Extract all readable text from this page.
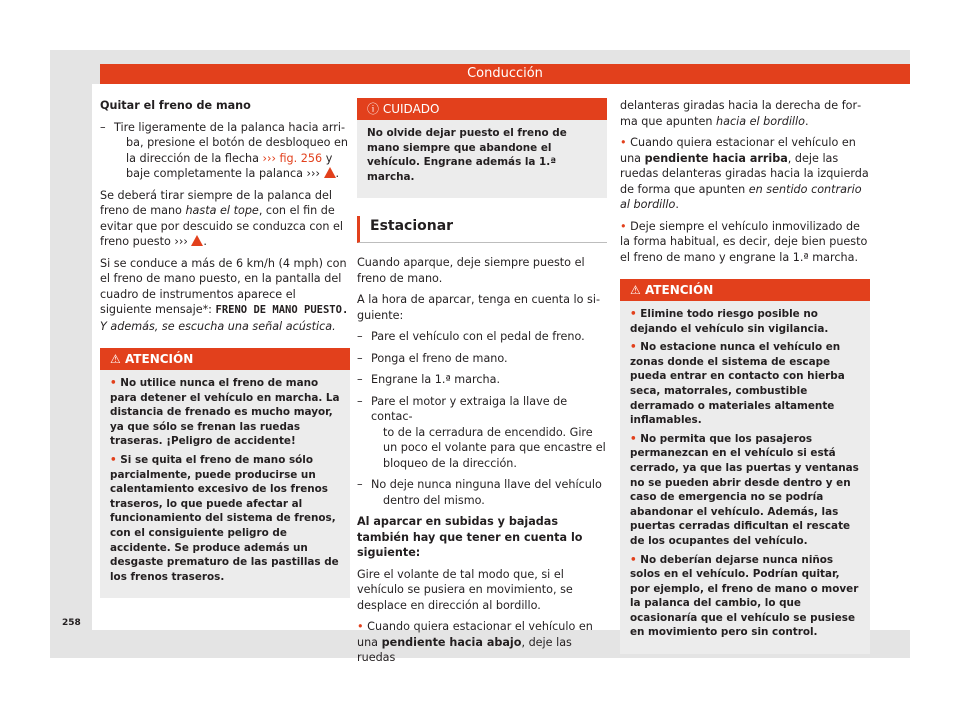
Conducción

Quitar el freno de mano

– Tire ligeramente de la palanca hacia arri-
ba, presione el botón de desbloqueo en la dirección de la flecha ››› fig. 256 y baje completamente la palanca ››› .

Se deberá tirar siempre de la palanca del freno de mano hasta el tope, con el fin de evitar que por descuido se conduzca con el freno puesto ››› .

Si se conduce a más de 6 km/h (4 mph) con el freno de mano puesto, en la pantalla del cuadro de instrumentos aparece el siguiente mensaje*: FRENO DE MANO PUESTO. Y además, se escucha una señal acústica.

⚠ ATENCIÓN

• No utilice nunca el freno de mano para detener el vehículo en marcha. La distancia de frenado es mucho mayor, ya que sólo se frenan las ruedas traseras. ¡Peligro de accidente!

• Si se quita el freno de mano sólo parcialmente, puede producirse un calentamiento excesivo de los frenos traseros, lo que puede afectar al funcionamiento del sistema de frenos, con el consiguiente peligro de accidente. Se produce además un desgaste prematuro de las pastillas de los frenos traseros.

ⓘ CUIDADO

No olvide dejar puesto el freno de mano siempre que abandone el vehículo. Engrane además la 1.ª marcha.

Estacionar

Cuando aparque, deje siempre puesto el freno de mano.

A la hora de aparcar, tenga en cuenta lo siguiente:

– Pare el vehículo con el pedal de freno.
– Ponga el freno de mano.
– Engrane la 1.ª marcha.
– Pare el motor y extraiga la llave de contac-
to de la cerradura de encendido. Gire un poco el volante para que encastre el bloqueo de la dirección.
– No deje nunca ninguna llave del vehículo
dentro del mismo.

Al aparcar en subidas y bajadas también hay que tener en cuenta lo siguiente:

Gire el volante de tal modo que, si el vehículo se pusiera en movimiento, se desplace en dirección al bordillo.

• Cuando quiera estacionar el vehículo en una pendiente hacia abajo, deje las ruedas

delanteras giradas hacia la derecha de forma que apunten hacia el bordillo.

• Cuando quiera estacionar el vehículo en una pendiente hacia arriba, deje las ruedas delanteras giradas hacia la izquierda de forma que apunten en sentido contrario al bordillo.

• Deje siempre el vehículo inmovilizado de la forma habitual, es decir, deje bien puesto el freno de mano y engrane la 1.ª marcha.

⚠ ATENCIÓN

• Elimine todo riesgo posible no dejando el vehículo sin vigilancia.

• No estacione nunca el vehículo en zonas donde el sistema de escape pueda entrar en contacto con hierba seca, matorrales, combustible derramado o materiales altamente inflamables.

• No permita que los pasajeros permanezcan en el vehículo si está cerrado, ya que las puertas y ventanas no se pueden abrir desde dentro y en caso de emergencia no se podría abandonar el vehículo. Además, las puertas cerradas dificultan el rescate de los ocupantes del vehículo.

• No deberían dejarse nunca niños solos en el vehículo. Podrían quitar, por ejemplo, el freno de mano o mover la palanca del cambio, lo que ocasionaría que el vehículo se pusiese en movimiento pero sin control.

258
